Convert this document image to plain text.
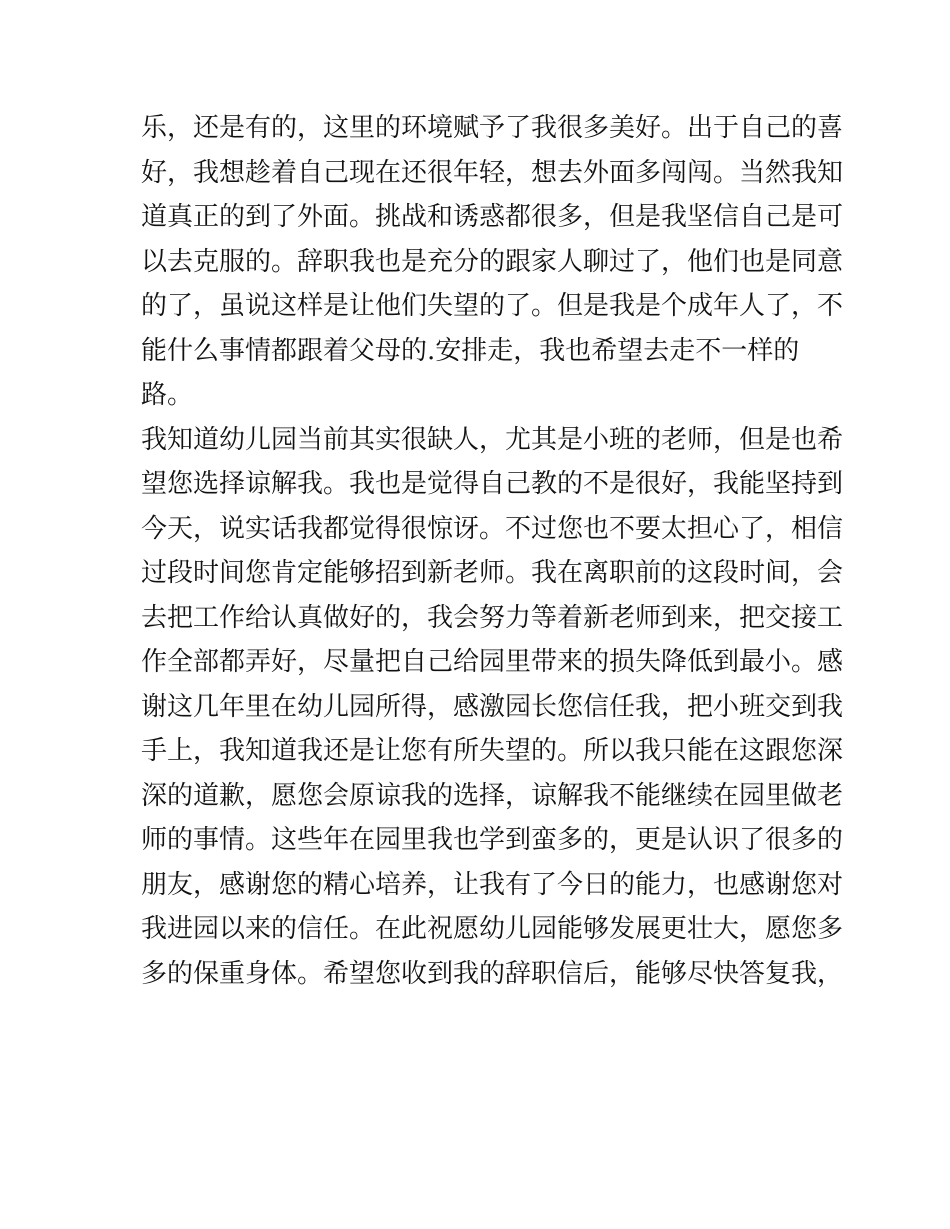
乐，还是有的，这里的环境赋予了我很多美好。出于自己的喜
好，我想趁着自己现在还很年轻，想去外面多闯闯。当然我知
道真正的到了外面。挑战和诱惑都很多，但是我坚信自己是可
以去克服的。辞职我也是充分的跟家人聊过了，他们也是同意
的了，虽说这样是让他们失望的了。但是我是个成年人了，不
能什么事情都跟着父母的.安排走，我也希望去走不一样的
路。
我知道幼儿园当前其实很缺人，尤其是小班的老师，但是也希
望您选择谅解我。我也是觉得自己教的不是很好，我能坚持到
今天，说实话我都觉得很惊讶。不过您也不要太担心了，相信
过段时间您肯定能够招到新老师。我在离职前的这段时间，会
去把工作给认真做好的，我会努力等着新老师到来，把交接工
作全部都弄好，尽量把自己给园里带来的损失降低到最小。感
谢这几年里在幼儿园所得，感激园长您信任我，把小班交到我
手上，我知道我还是让您有所失望的。所以我只能在这跟您深
深的道歉，愿您会原谅我的选择，谅解我不能继续在园里做老
师的事情。这些年在园里我也学到蛮多的，更是认识了很多的
朋友，感谢您的精心培养，让我有了今日的能力，也感谢您对
我进园以来的信任。在此祝愿幼儿园能够发展更壮大，愿您多
多的保重身体。希望您收到我的辞职信后，能够尽快答复我，
